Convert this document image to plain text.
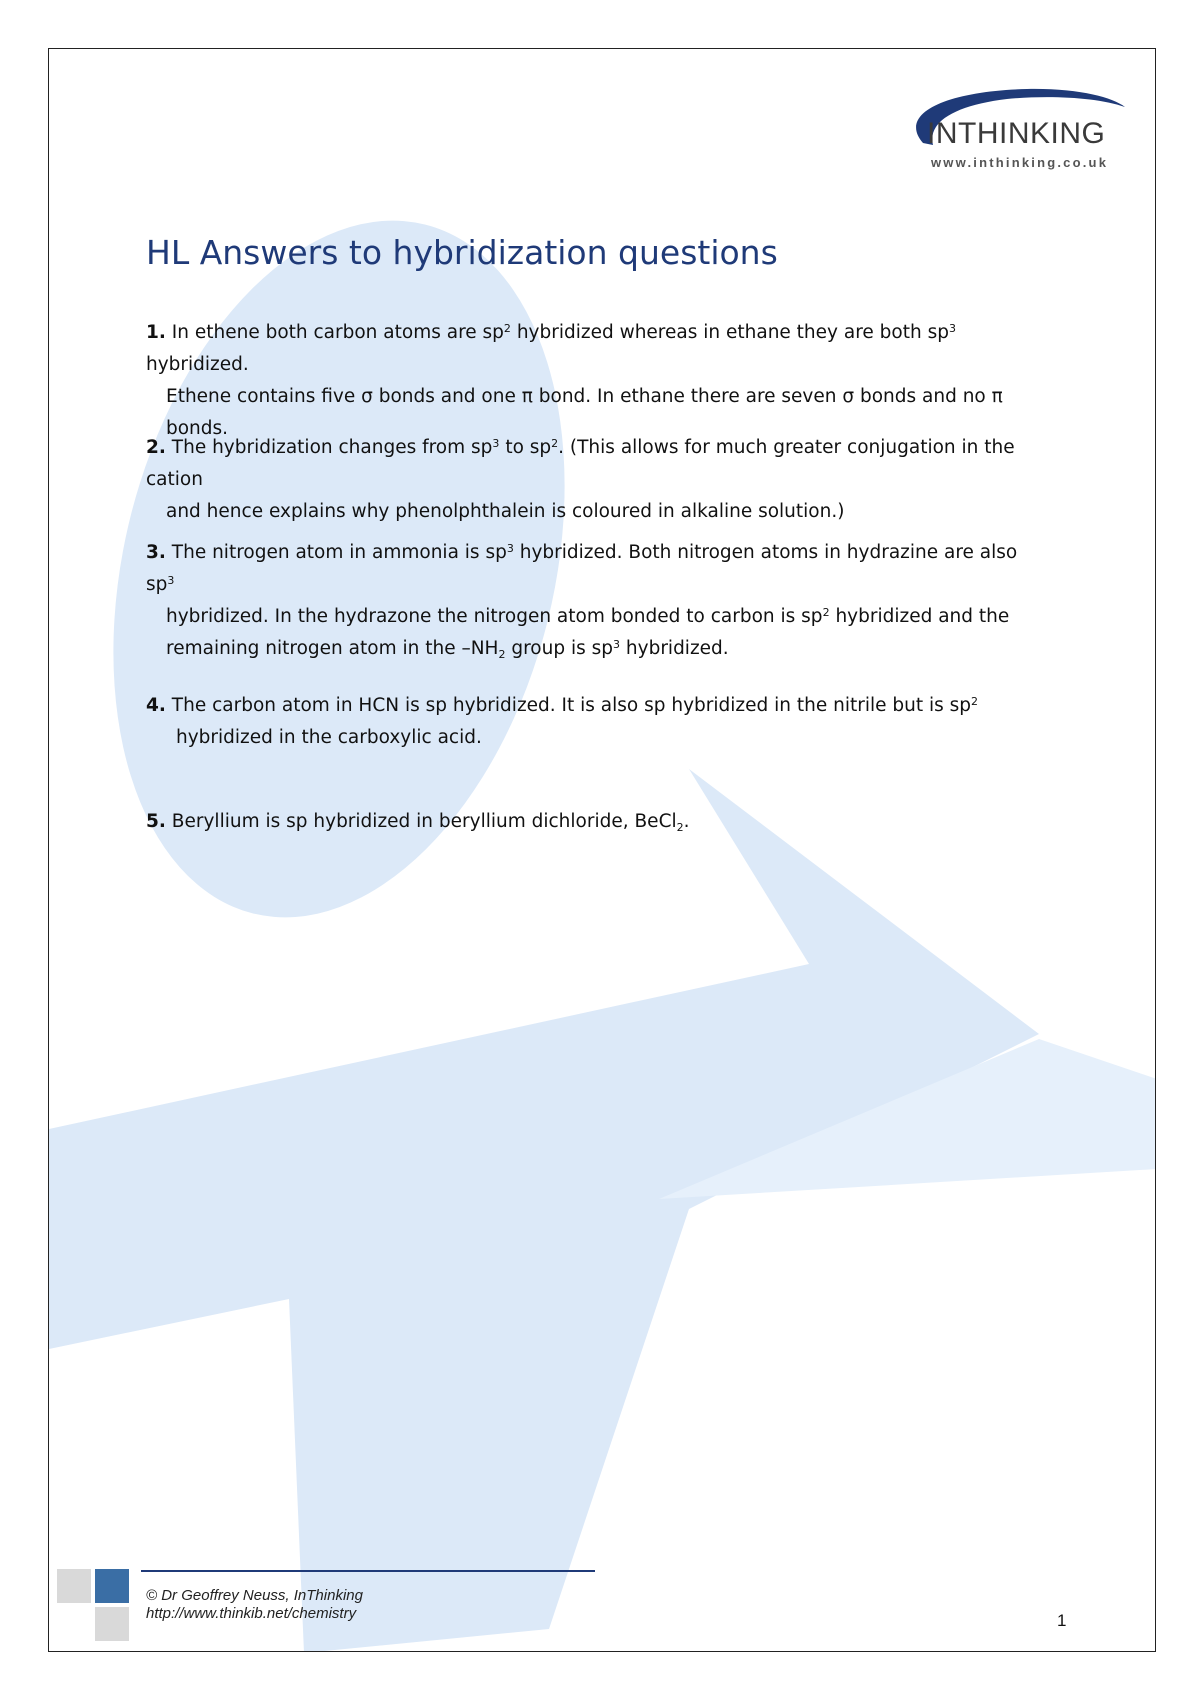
INTHINKING
www.inthinking.co.uk
HL Answers to hybridization questions
1. In ethene both carbon atoms are $sp^2$ hybridized whereas in ethane they are both $sp^3$ hybridized.
Ethene contains five σ bonds and one π bond. In ethane there are seven σ bonds and no π bonds.
2. The hybridization changes from $sp^3$ to $sp^2$. (This allows for much greater conjugation in the cation
and hence explains why phenolphthalein is coloured in alkaline solution.)
3. The nitrogen atom in ammonia is $sp^3$ hybridized. Both nitrogen atoms in hydrazine are also $sp^3$
hybridized. In the hydrazone the nitrogen atom bonded to carbon is $sp^2$ hybridized and the
remaining nitrogen atom in the $-NH_2$ group is $sp^3$ hybridized.
4. The carbon atom in HCN is sp hybridized. It is also sp hybridized in the nitrile but is $sp^2$
hybridized in the carboxylic acid.
5. Beryllium is sp hybridized in beryllium dichloride, BeCl$_2$.
© Dr Geoffrey Neuss, InThinking
http://www.thinkib.net/chemistry	1
